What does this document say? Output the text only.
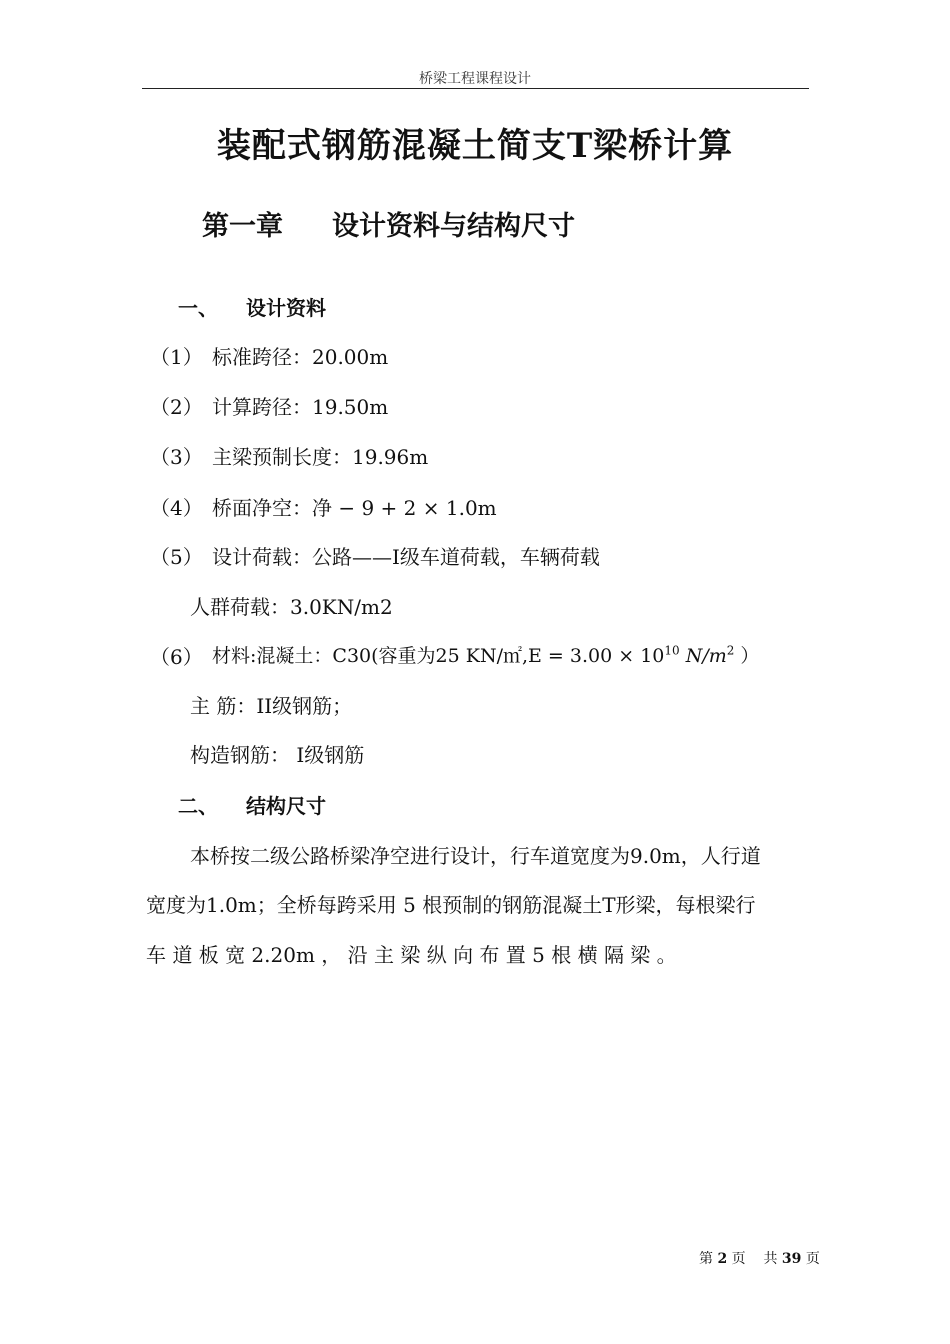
桥梁工程课程设计
装配式钢筋混凝土简支T梁桥计算
第一章 设计资料与结构尺寸
一、 设计资料
（1） 标准跨径：20.00m
（2） 计算跨径：19.50m
（3） 主梁预制长度：19.96m
（4） 桥面净空：净 − 9 + 2 × 1.0m
（5） 设计荷载：公路——I级车道荷载，车辆荷载
人群荷载：3.0KN/m2
（6） 材料:混凝土：C30(容重为25 KN/㎡,E = $3.00 \times 10^{10}$ $N/m^2$ ）
主 筋：II级钢筋；
构造钢筋： I级钢筋
二、 结构尺寸
本桥按二级公路桥梁净空进行设计，行车道宽度为9.0m，人行道
宽度为1.0m；全桥每跨采用 5 根预制的钢筋混凝土T形梁，每根梁行
车 道 板 宽 2.20m ， 沿 主 梁 纵 向 布 置 5 根 横 隔 梁 。
第 2 页 共 39 页
